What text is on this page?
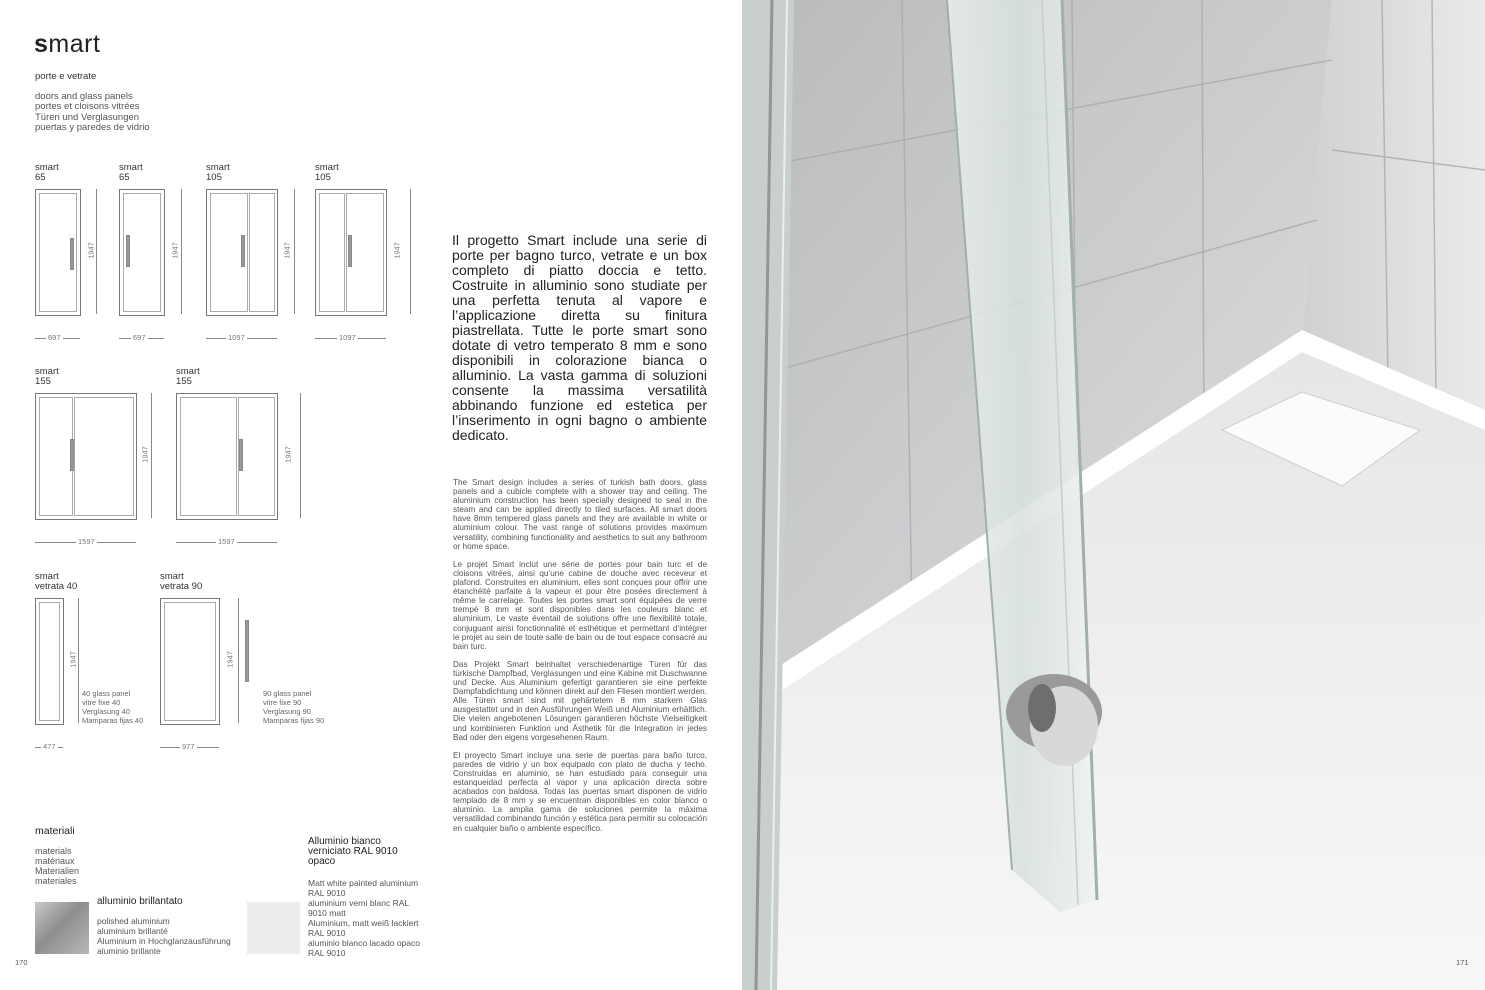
smart
porte e vetrate
doors and glass panels
portes et cloisons vitrées
Türen und Verglasungen
puertas y paredes de vidrio
smart
65
1947
697
smart
65
1947
697
smart
105
1947
1097
smart
105
1947
1097
smart
155
1947
1597
smart
155
1947
1597
smart
vetrata 40
1947
477
40 glass panel
vitre fixe 40
Verglasung 40
Mamparas fijas 40
smart
vetrata 90
1947
977
90 glass panel
vitre fixe 90
Verglasung 90
Mamparas fijas 90
Il progetto Smart include una serie di porte per bagno turco, vetrate e un box completo di piatto doccia e tetto. Costruite in alluminio sono studiate per una perfetta tenuta al vapore e l’applicazione diretta su finitura piastrellata. Tutte le porte smart sono dotate di vetro temperato 8 mm e sono disponibili in colorazione bianca o alluminio. La vasta gamma di soluzioni consente la massima versatilità abbinando funzione ed estetica per l’inserimento in ogni bagno o ambiente dedicato.

The Smart design includes a series of turkish bath doors, glass panels and a cubicle complete with a shower tray and ceiling. The aluminium construction has been specially designed to seal in the steam and can be applied directly to tiled surfaces. All smart doors have 8mm tempered glass panels and they are available in white or aluminium colour. The vast range of solutions provides maximum versatility, combining functionality and aesthetics to suit any bathroom or home space.

Le projet Smart inclut une série de portes pour bain turc et de cloisons vitrées, ainsi qu’une cabine de douche avec receveur et plafond. Construites en aluminium, elles sont conçues pour offrir une étanchéité parfaite à la vapeur et pour être posées directement à même le carrelage. Toutes les portes smart sont équipées de verre trempé 8 mm et sont disponibles dans les couleurs blanc et aluminium. Le vaste éventail de solutions offre une flexibilité totale, conjuguant ainsi fonctionnalité et esthétique et permettant d’intégrer le projet au sein de toute salle de bain ou de tout espace consacré au bain turc.

Das Projekt Smart beinhaltet verschiedenartige Türen für das türkische Dampfbad, Verglasungen und eine Kabine mit Duschwanne und Decke. Aus Aluminium gefertigt garantieren sie eine perfekte Dampfabdichtung und können direkt auf den Fliesen montiert werden. Alle Türen smart sind mit gehärtetem 8 mm starkem Glas ausgestattet und in den Ausführungen Weiß und Aluminium erhältlich. Die vielen angebotenen Lösungen garantieren höchste Vielseitigkeit und kombinieren Funktion und Ästhetik für die Integration in jedes Bad oder den eigens vorgesehenen Raum.

El proyecto Smart incluye una serie de puertas para baño turco, paredes de vidrio y un box equipado con plato de ducha y techo. Construidas en aluminio, se han estudiado para conseguir una estanqueidad perfecta al vapor y una aplicación directa sobre acabados con baldosa. Todas las puertas smart disponen de vidrio templado de 8 mm y se encuentran disponibles en color blanco o aluminio. La amplia gama de soluciones permite la máxima versatilidad combinando función y estética para permitir su colocación en cualquier baño o ambiente específico.

materiali
materials
matériaux
Materialien
materiales
alluminio brillantato
polished aluminium
aluminium brillanté
Aluminium in Hochglanzausführung
aluminio brillante
Alluminio bianco
verniciato RAL 9010
opaco
Matt white painted aluminium
RAL 9010
aluminium verni blanc RAL
9010 matt
Aluminium, matt weiß lackiert
RAL 9010
aluminio blanco lacado opaco
RAL 9010
170	171
